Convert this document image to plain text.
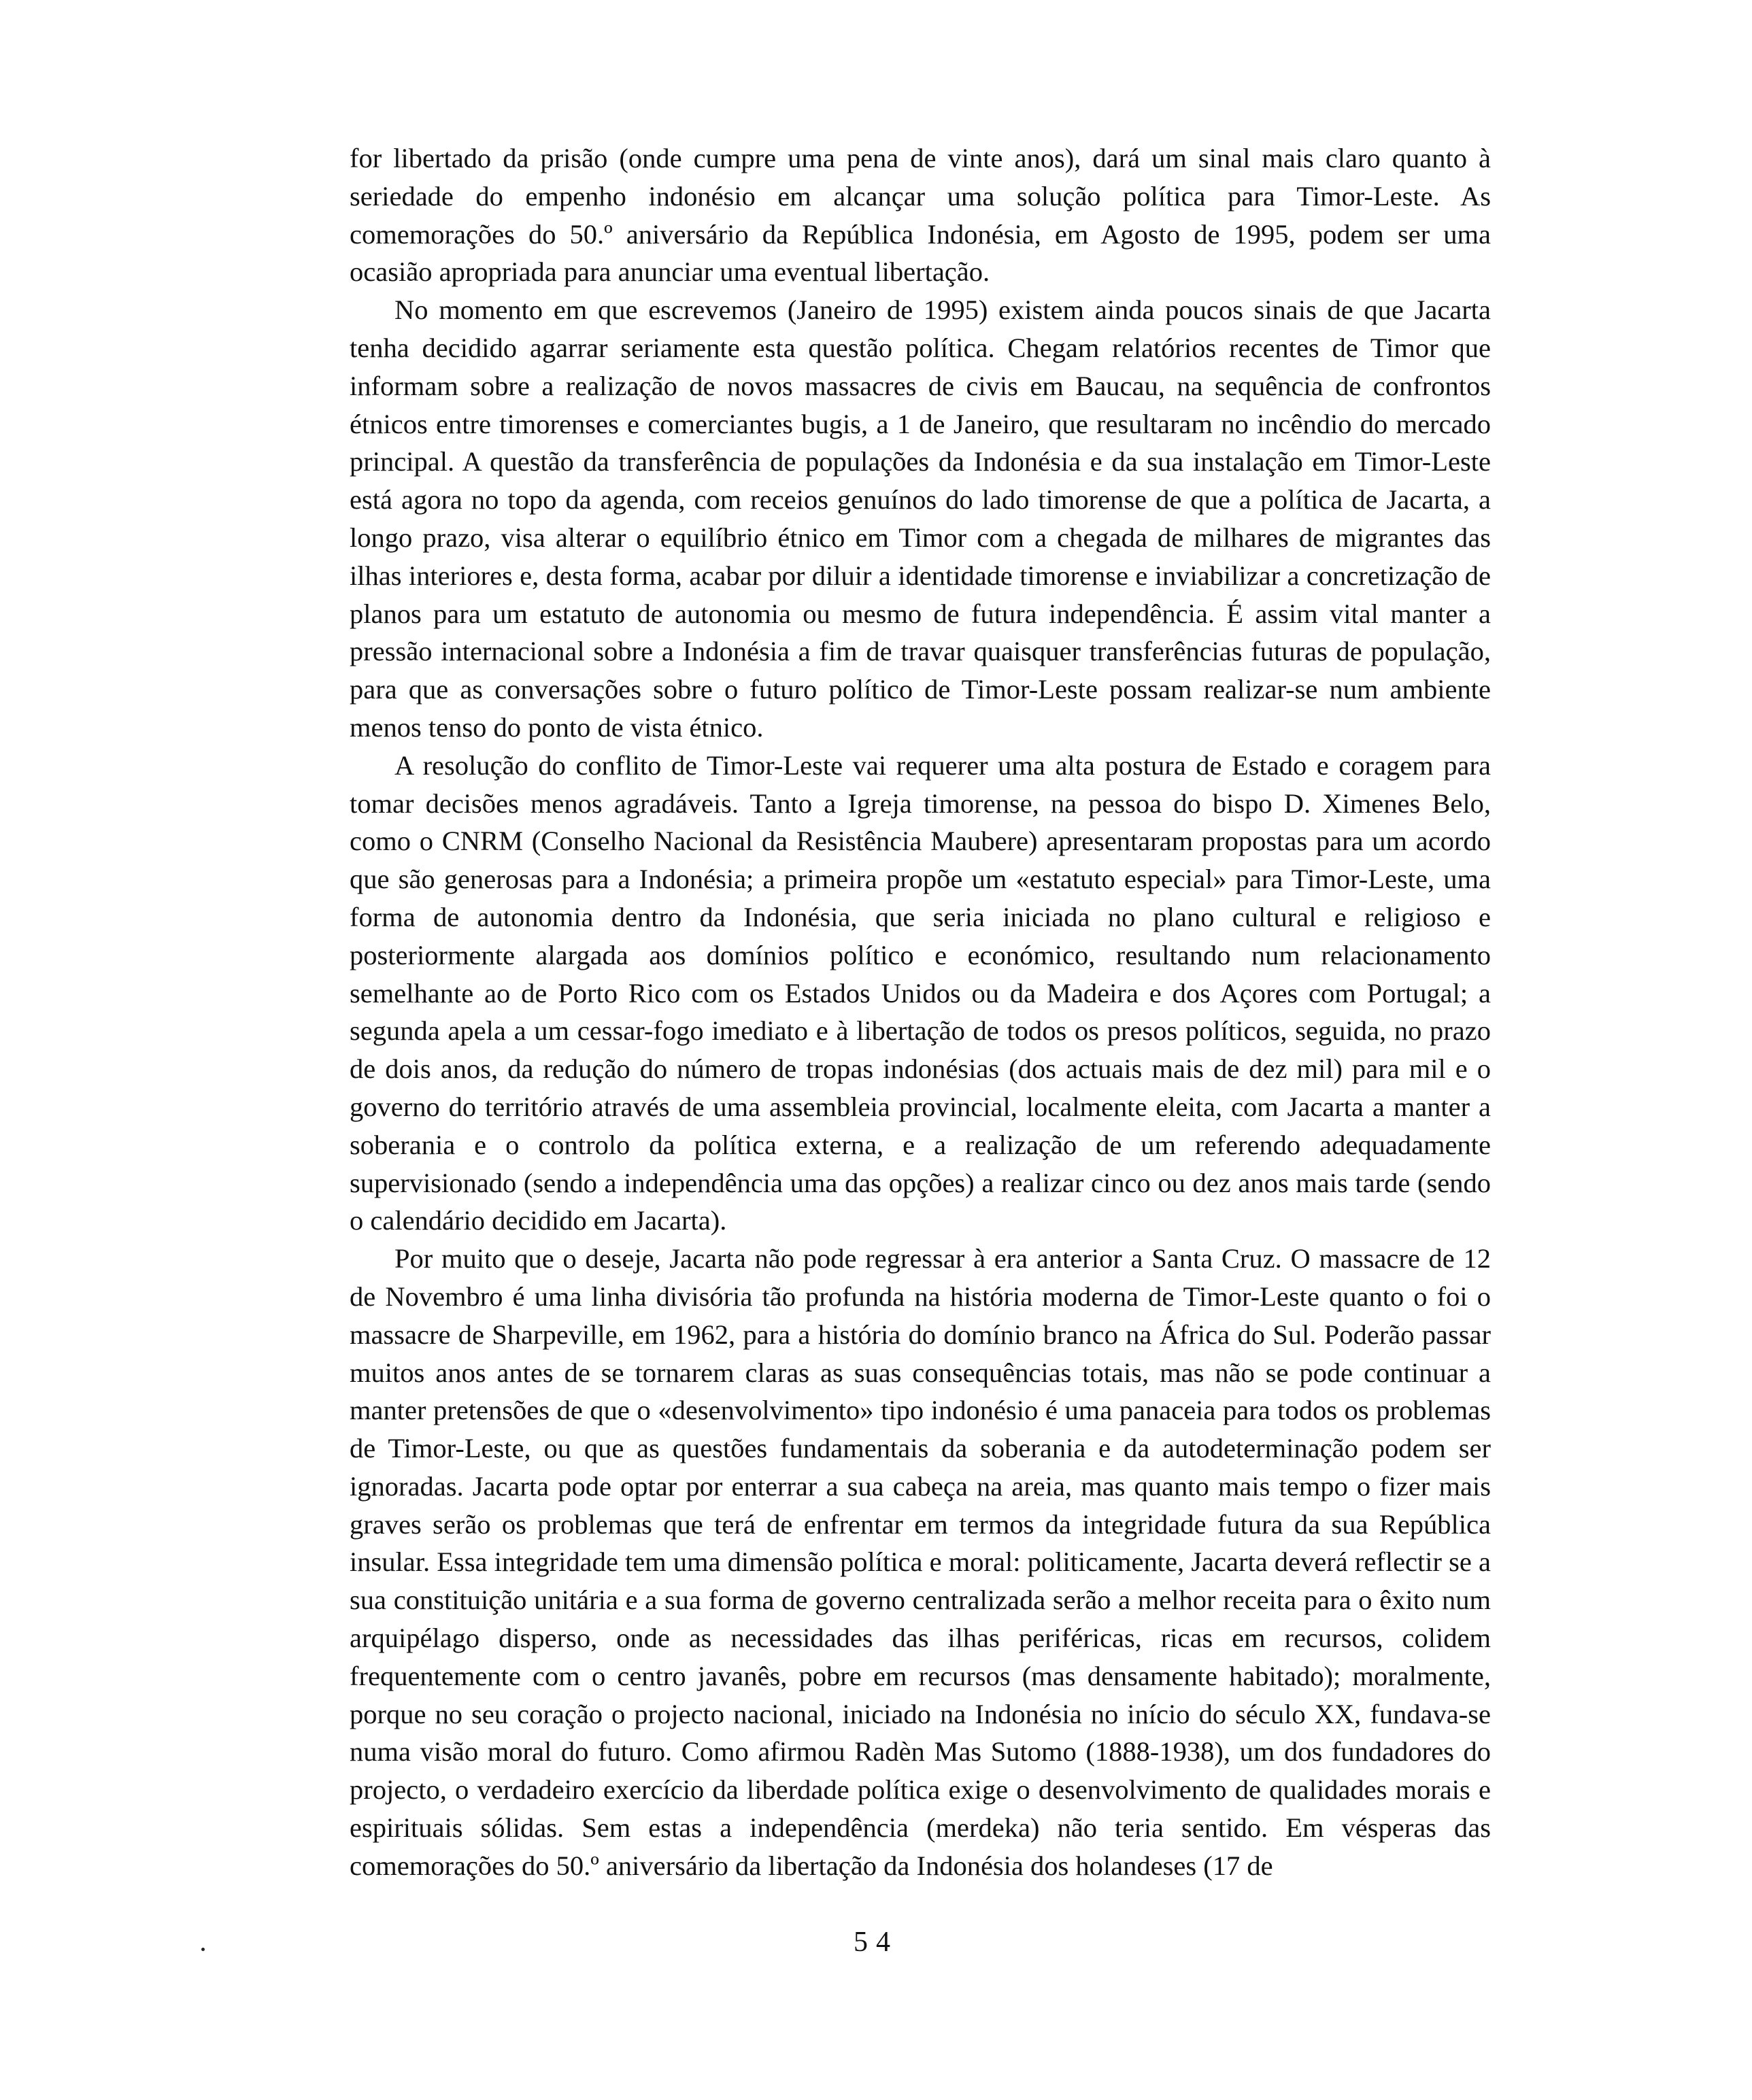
for libertado da prisão (onde cumpre uma pena de vinte anos), dará um sinal mais claro quanto à seriedade do empenho indonésio em alcançar uma solução política para Timor-Leste. As comemorações do 50.º aniversário da República Indonésia, em Agosto de 1995, podem ser uma ocasião apropriada para anunciar uma eventual libertação.

No momento em que escrevemos (Janeiro de 1995) existem ainda poucos sinais de que Jacarta tenha decidido agarrar seriamente esta questão política. Chegam relatórios recentes de Timor que informam sobre a realização de novos massacres de civis em Baucau, na sequência de confrontos étnicos entre timorenses e comerciantes bugis, a 1 de Janeiro, que resultaram no incêndio do mercado principal. A questão da transferência de populações da Indonésia e da sua instalação em Timor-Leste está agora no topo da agenda, com receios genuínos do lado timorense de que a política de Jacarta, a longo prazo, visa alterar o equilíbrio étnico em Timor com a chegada de milhares de migrantes das ilhas interiores e, desta forma, acabar por diluir a identidade timorense e inviabilizar a concretização de planos para um estatuto de autonomia ou mesmo de futura independência. É assim vital manter a pressão internacional sobre a Indonésia a fim de travar quaisquer transferências futuras de população, para que as conversações sobre o futuro político de Timor-Leste possam realizar-se num ambiente menos tenso do ponto de vista étnico.

A resolução do conflito de Timor-Leste vai requerer uma alta postura de Estado e coragem para tomar decisões menos agradáveis. Tanto a Igreja timorense, na pessoa do bispo D. Ximenes Belo, como o CNRM (Conselho Nacional da Resistência Maubere) apresentaram propostas para um acordo que são generosas para a Indonésia; a primeira propõe um «estatuto especial» para Timor-Leste, uma forma de autonomia dentro da Indonésia, que seria iniciada no plano cultural e religioso e posteriormente alargada aos domínios político e económico, resultando num relacionamento semelhante ao de Porto Rico com os Estados Unidos ou da Madeira e dos Açores com Portugal; a segunda apela a um cessar-fogo imediato e à libertação de todos os presos políticos, seguida, no prazo de dois anos, da redução do número de tropas indonésias (dos actuais mais de dez mil) para mil e o governo do território através de uma assembleia provincial, localmente eleita, com Jacarta a manter a soberania e o controlo da política externa, e a realização de um referendo adequadamente supervisionado (sendo a independência uma das opções) a realizar cinco ou dez anos mais tarde (sendo o calendário decidido em Jacarta).

Por muito que o deseje, Jacarta não pode regressar à era anterior a Santa Cruz. O massacre de 12 de Novembro é uma linha divisória tão profunda na história moderna de Timor-Leste quanto o foi o massacre de Sharpeville, em 1962, para a história do domínio branco na África do Sul. Poderão passar muitos anos antes de se tornarem claras as suas consequências totais, mas não se pode continuar a manter pretensões de que o «desenvolvimento» tipo indonésio é uma panaceia para todos os problemas de Timor-Leste, ou que as questões fundamentais da soberania e da autodeterminação podem ser ignoradas. Jacarta pode optar por enterrar a sua cabeça na areia, mas quanto mais tempo o fizer mais graves serão os problemas que terá de enfrentar em termos da integridade futura da sua República insular. Essa integridade tem uma dimensão política e moral: politicamente, Jacarta deverá reflectir se a sua constituição unitária e a sua forma de governo centralizada serão a melhor receita para o êxito num arquipélago disperso, onde as necessidades das ilhas periféricas, ricas em recursos, colidem frequentemente com o centro javanês, pobre em recursos (mas densamente habitado); moralmente, porque no seu coração o projecto nacional, iniciado na Indonésia no início do século XX, fundava-se numa visão moral do futuro. Como afirmou Radèn Mas Sutomo (1888-1938), um dos fundadores do projecto, o verdadeiro exercício da liberdade política exige o desenvolvimento de qualidades morais e espirituais sólidas. Sem estas a independência (merdeka) não teria sentido. Em vésperas das comemorações do 50.º aniversário da libertação da Indonésia dos holandeses (17 de

54
